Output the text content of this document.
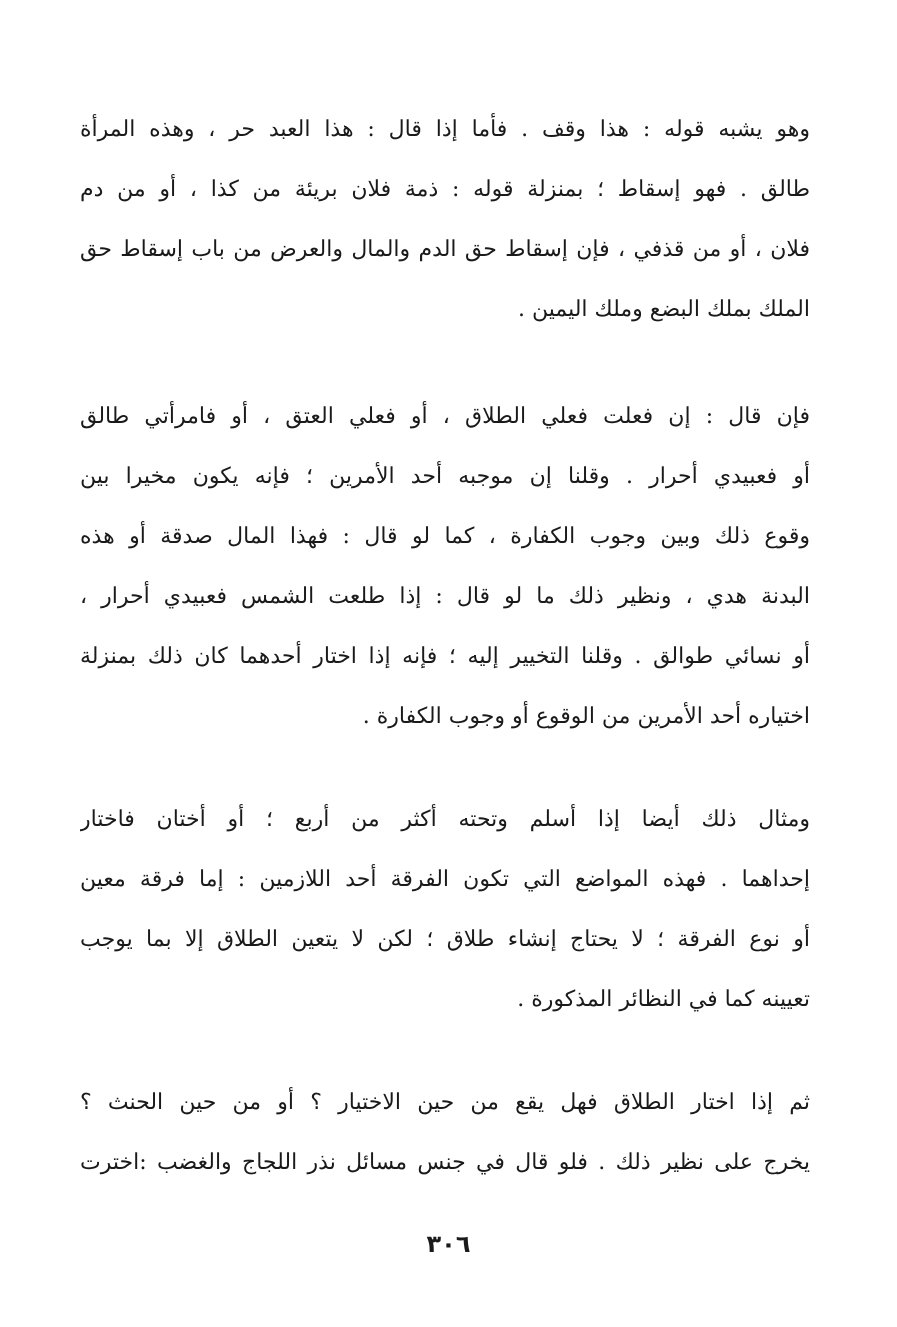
وهو يشبه قوله : هذا وقف . فأما إذا قال : هذا العبد حر ، وهذه المرأة
طالق . فهو إسقاط ؛ بمنزلة قوله : ذمة فلان بريئة من كذا ، أو من دم
فلان ، أو من قذفي ، فإن إسقاط حق الدم والمال والعرض من باب إسقاط حق
الملك بملك البضع وملك اليمين .
فإن قال : إن فعلت فعلي الطلاق ، أو فعلي العتق ، أو فامرأتي طالق
أو فعبيدي أحرار . وقلنا إن موجبه أحد الأمرين ؛ فإنه يكون مخيرا بين
وقوع ذلك وبين وجوب الكفارة ، كما لو قال : فهذا المال صدقة أو هذه
البدنة هدي ، ونظير ذلك ما لو قال : إذا طلعت الشمس فعبيدي أحرار ،
أو نسائي طوالق . وقلنا التخيير إليه ؛ فإنه إذا اختار أحدهما كان ذلك بمنزلة
اختياره أحد الأمرين من الوقوع أو وجوب الكفارة .
ومثال ذلك أيضا إذا أسلم وتحته أكثر من أربع ؛ أو أختان فاختار
إحداهما . فهذه المواضع التي تكون الفرقة أحد اللازمين : إما فرقة معين
أو نوع الفرقة ؛ لا يحتاج إنشاء طلاق ؛ لكن لا يتعين الطلاق إلا بما يوجب
تعيينه كما في النظائر المذكورة .
ثم إذا اختار الطلاق فهل يقع من حين الاختيار ؟ أو من حين الحنث ؟
يخرج على نظير ذلك . فلو قال في جنس مسائل نذر اللجاج والغضب :اخترت
٣٠٦
